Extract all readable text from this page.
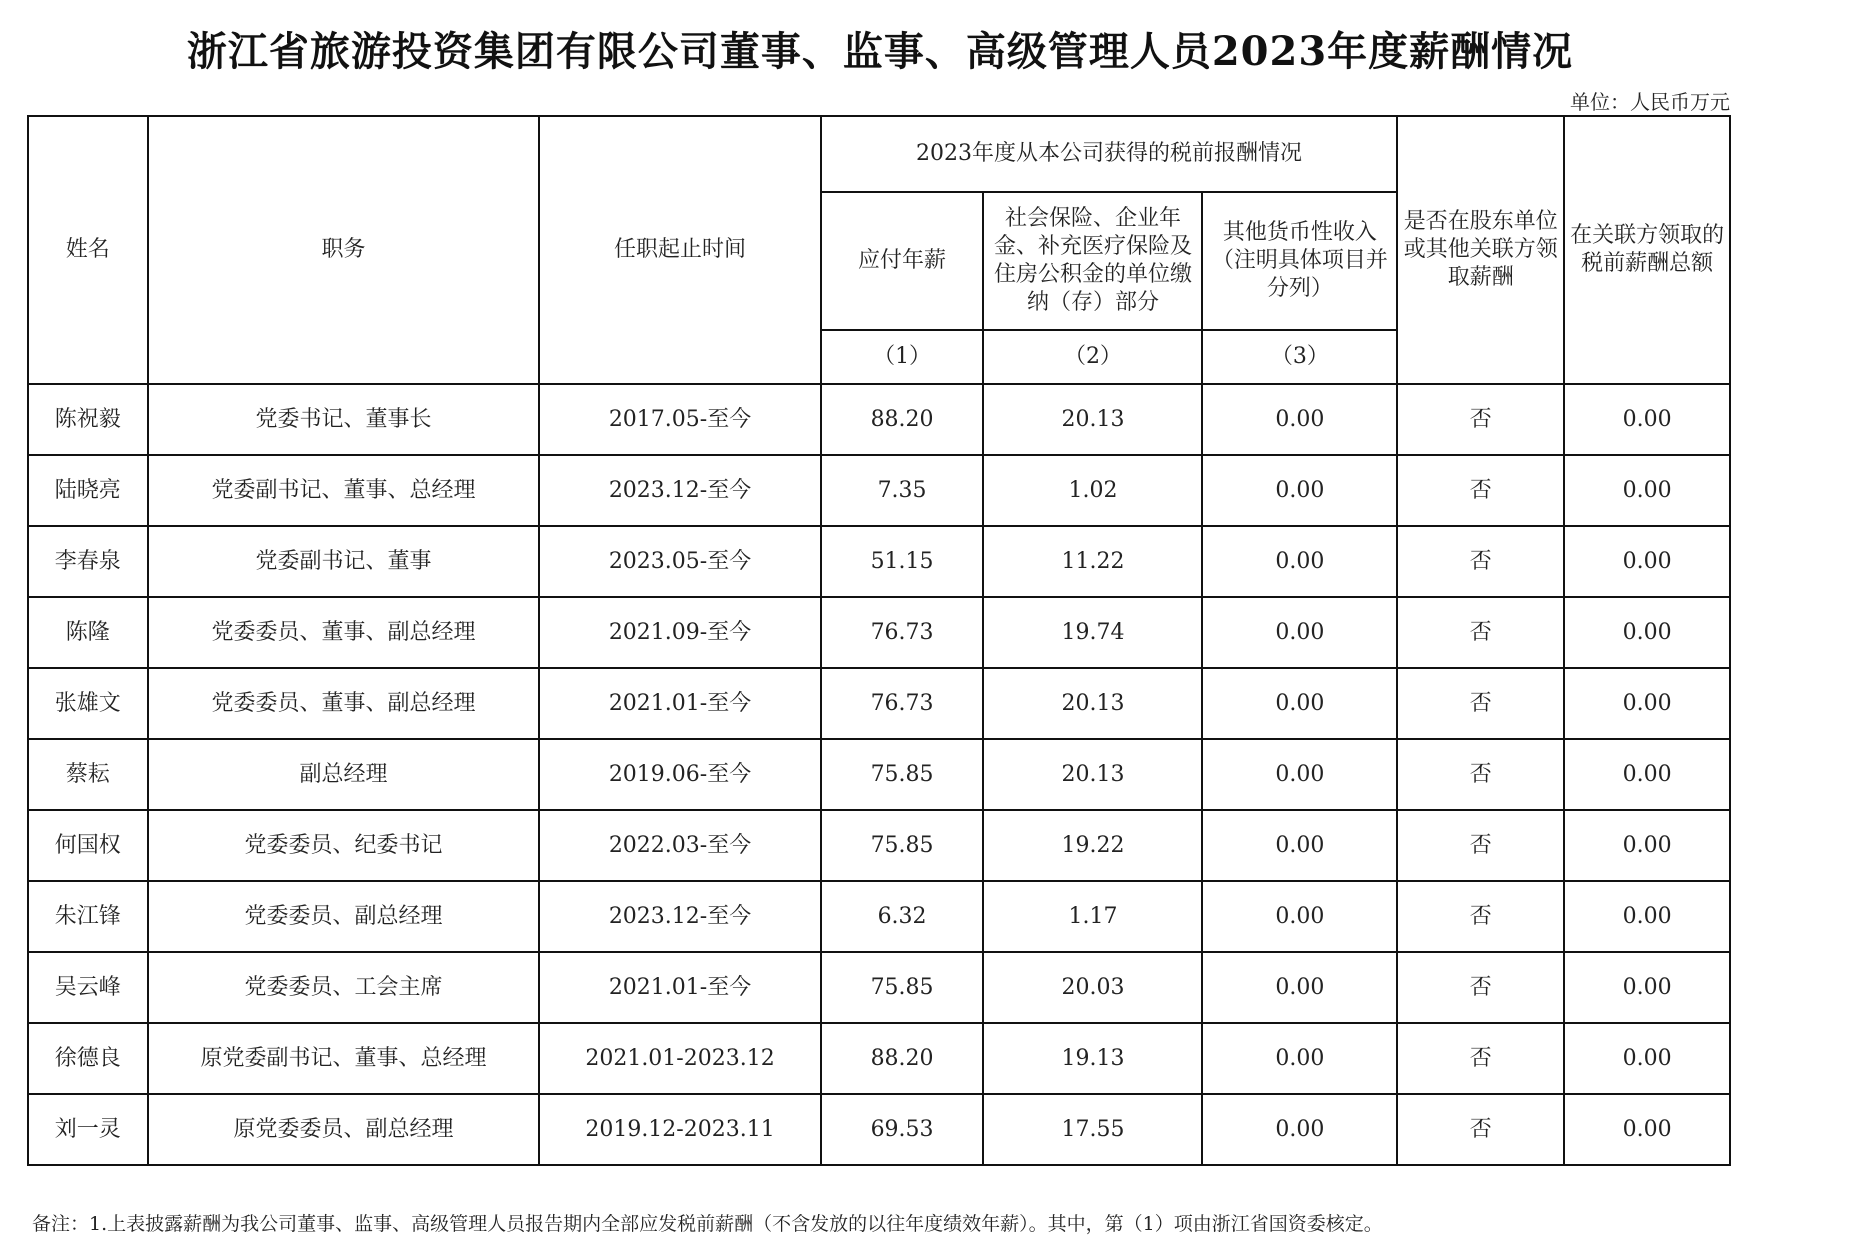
浙江省旅游投资集团有限公司董事、监事、高级管理人员2023年度薪酬情况
单位：人民币万元
姓名	职务	任职起止时间	2023年度从本公司获得的税前报酬情况			是否在股东单位或其他关联方领取薪酬	在关联方领取的税前薪酬总额
			应付年薪	社会保险、企业年金、补充医疗保险及住房公积金的单位缴纳（存）部分	其他货币性收入（注明具体项目并分列）		
			（1）	（2）	（3）		
陈祝毅	党委书记、董事长	2017.05-至今	88.20	20.13	0.00	否	0.00
陆晓亮	党委副书记、董事、总经理	2023.12-至今	7.35	1.02	0.00	否	0.00
李春泉	党委副书记、董事	2023.05-至今	51.15	11.22	0.00	否	0.00
陈隆	党委委员、董事、副总经理	2021.09-至今	76.73	19.74	0.00	否	0.00
张雄文	党委委员、董事、副总经理	2021.01-至今	76.73	20.13	0.00	否	0.00
蔡耘	副总经理	2019.06-至今	75.85	20.13	0.00	否	0.00
何国权	党委委员、纪委书记	2022.03-至今	75.85	19.22	0.00	否	0.00
朱江锋	党委委员、副总经理	2023.12-至今	6.32	1.17	0.00	否	0.00
吴云峰	党委委员、工会主席	2021.01-至今	75.85	20.03	0.00	否	0.00
徐德良	原党委副书记、董事、总经理	2021.01-2023.12	88.20	19.13	0.00	否	0.00
刘一灵	原党委委员、副总经理	2019.12-2023.11	69.53	17.55	0.00	否	0.00
备注：1.上表披露薪酬为我公司董事、监事、高级管理人员报告期内全部应发税前薪酬（不含发放的以往年度绩效年薪）。其中，第（1）项由浙江省国资委核定。
